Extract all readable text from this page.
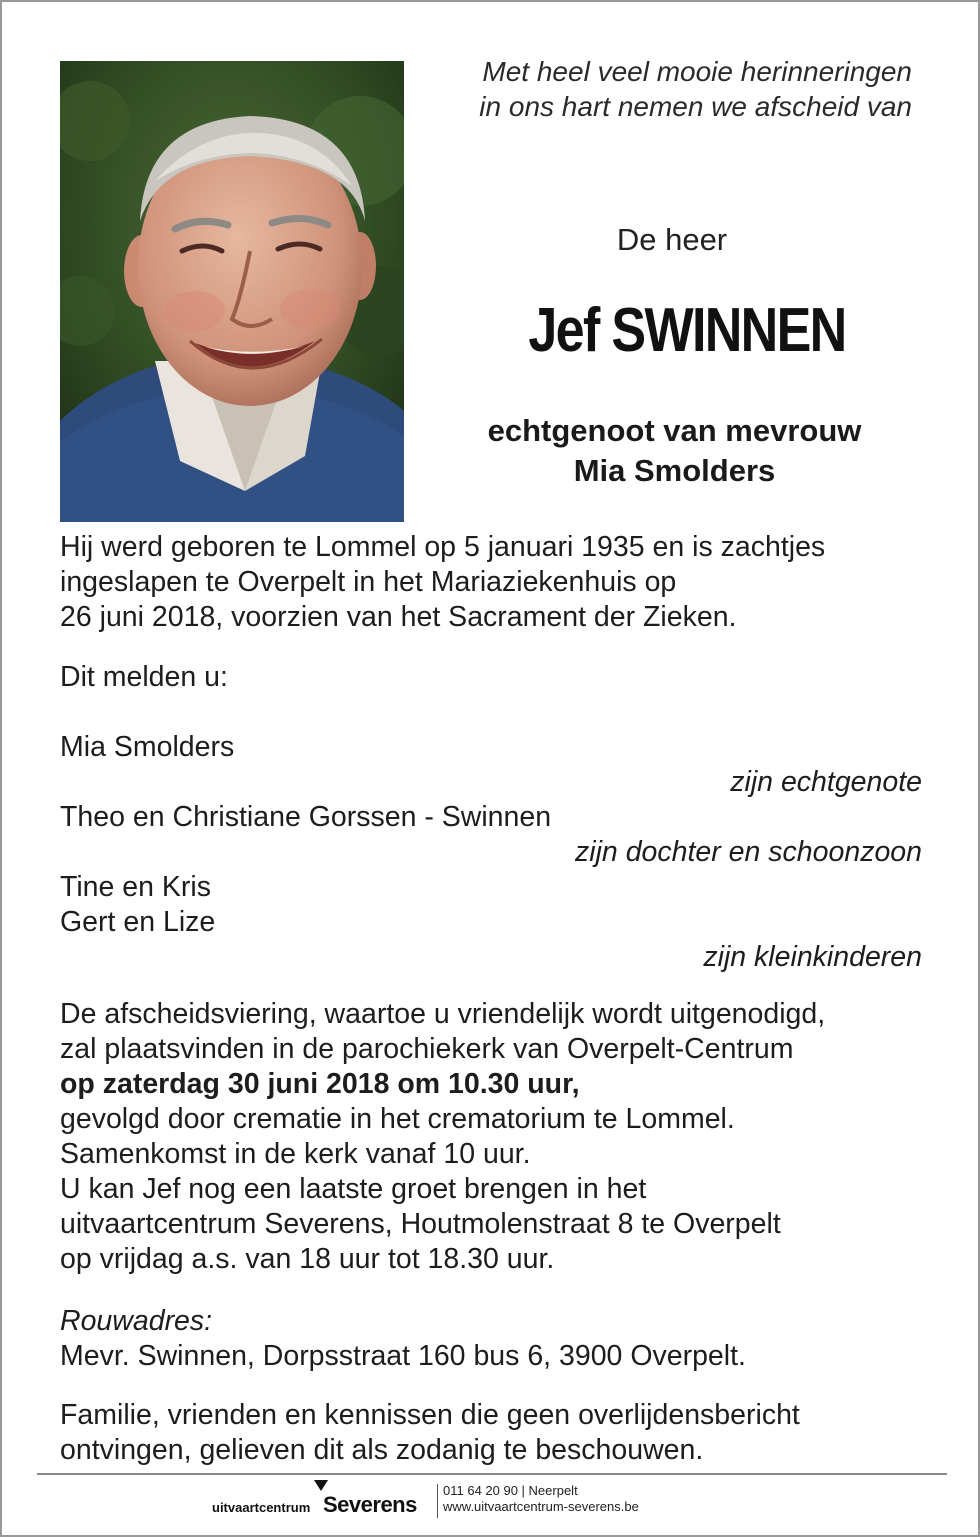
Met heel veel mooie herinneringen
in ons hart nemen we afscheid van
De heer
Jef SWINNEN
echtgenoot van mevrouw
Mia Smolders
Hij werd geboren te Lommel op 5 januari 1935 en is zachtjes
ingeslapen te Overpelt in het Mariaziekenhuis op
26 juni 2018, voorzien van het Sacrament der Zieken.
Dit melden u:
Mia Smolders
zijn echtgenote
Theo en Christiane Gorssen - Swinnen
zijn dochter en schoonzoon
Tine en Kris
Gert en Lize
zijn kleinkinderen
De afscheidsviering, waartoe u vriendelijk wordt uitgenodigd,
zal plaatsvinden in de parochiekerk van Overpelt-Centrum
op zaterdag 30 juni 2018 om 10.30 uur,
gevolgd door crematie in het crematorium te Lommel.
Samenkomst in de kerk vanaf 10 uur.
U kan Jef nog een laatste groet brengen in het
uitvaartcentrum Severens, Houtmolenstraat 8 te Overpelt
op vrijdag a.s. van 18 uur tot 18.30 uur.
Rouwadres:
Mevr. Swinnen, Dorpsstraat 160 bus 6, 3900 Overpelt.
Familie, vrienden en kennissen die geen overlijdensbericht
ontvingen, gelieven dit als zodanig te beschouwen.
uitvaartcentrum Severens
011 64 20 90 | Neerpelt
www.uitvaartcentrum-severens.be
